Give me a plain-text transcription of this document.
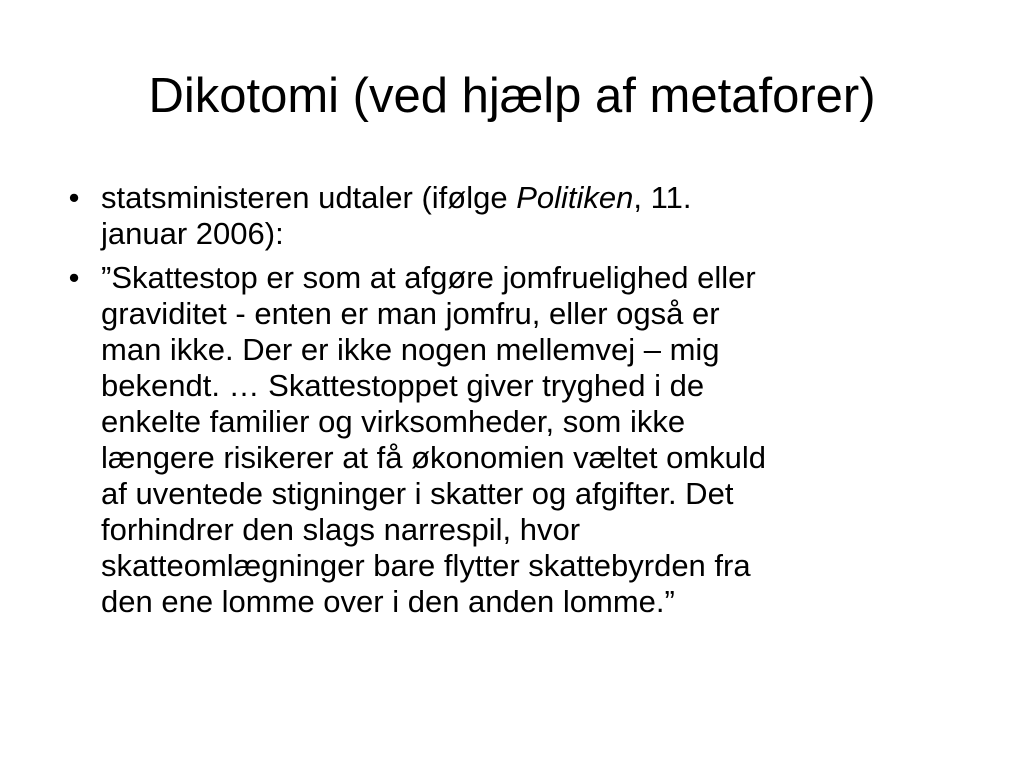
Dikotomi (ved hjælp af metaforer)
• statsministeren udtaler (ifølge Politiken, 11.
januar 2006):
• ”Skattestop er som at afgøre jomfruelighed eller
graviditet - enten er man jomfru, eller også er
man ikke. Der er ikke nogen mellemvej – mig
bekendt. … Skattestoppet giver tryghed i de
enkelte familier og virksomheder, som ikke
længere risikerer at få økonomien væltet omkuld
af uventede stigninger i skatter og afgifter. Det
forhindrer den slags narrespil, hvor
skatteomlægninger bare flytter skattebyrden fra
den ene lomme over i den anden lomme.”
